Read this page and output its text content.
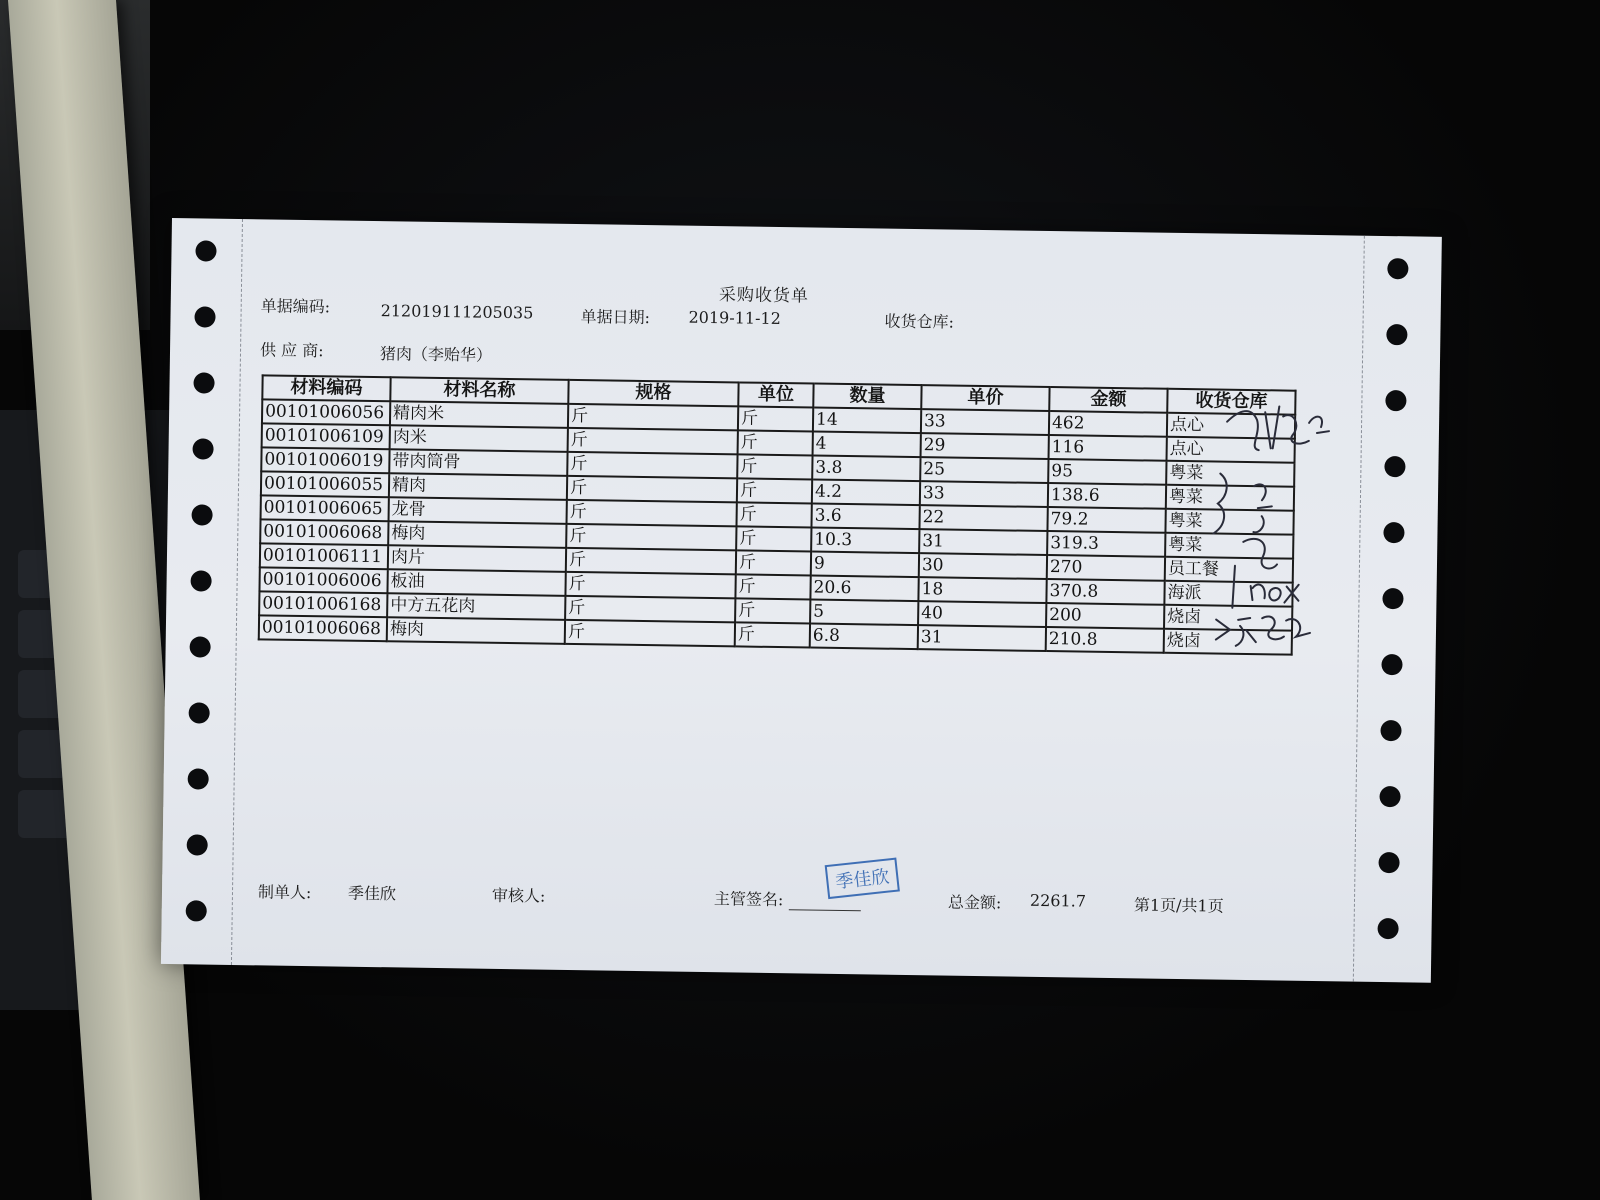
采购收货单
单据编码:	212019111205035	单据日期: 2019-11-12	收货仓库:
供 应 商:	猪肉（李贻华）
材料编码	材料名称	规格	单位	数量	单价	金额	收货仓库
00101006056	精肉米	斤	斤	14	33	462	点心
00101006109	肉米	斤	斤	4	29	116	点心
00101006019	带肉筒骨	斤	斤	3.8	25	95	粤菜
00101006055	精肉	斤	斤	4.2	33	138.6	粤菜
00101006065	龙骨	斤	斤	3.6	22	79.2	粤菜
00101006068	梅肉	斤	斤	10.3	31	319.3	粤菜
00101006111	肉片	斤	斤	9	30	270	员工餐
00101006006	板油	斤	斤	20.6	18	370.8	海派
00101006168	中方五花肉	斤	斤	5	40	200	烧卤
00101006068	梅肉	斤	斤	6.8	31	210.8	烧卤
制单人: 季佳欣	审核人:	主管签名:
季佳欣
总金额: 2261.7	第1页/共1页
